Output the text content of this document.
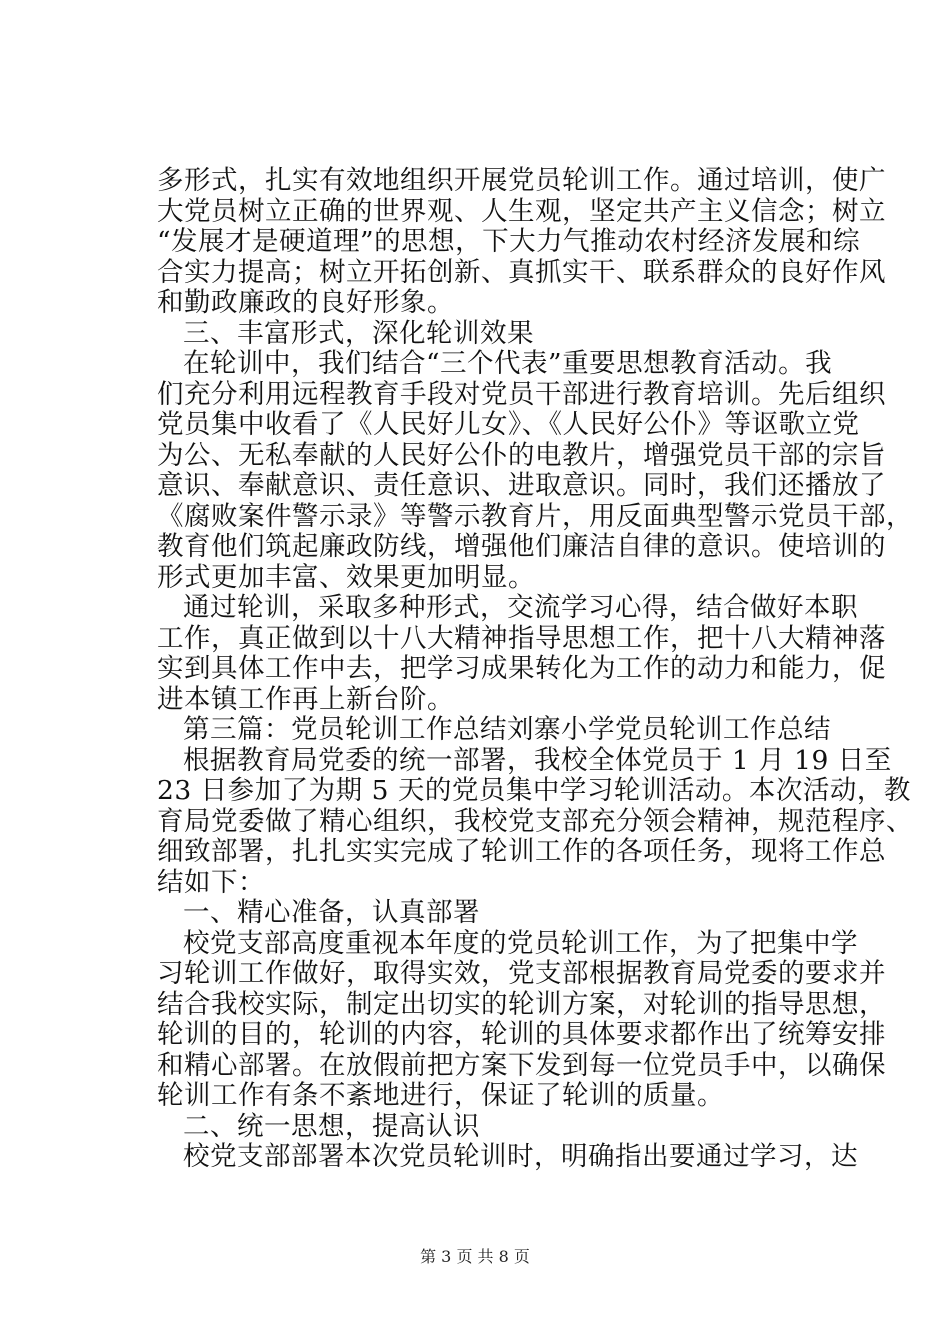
多形式，扎实有效地组织开展党员轮训工作。通过培训，使广
大党员树立正确的世界观、人生观，坚定共产主义信念；树立
“发展才是硬道理”的思想，下大力气推动农村经济发展和综
合实力提高；树立开拓创新、真抓实干、联系群众的良好作风
和勤政廉政的良好形象。
三、丰富形式，深化轮训效果
在轮训中，我们结合“三个代表”重要思想教育活动。我
们充分利用远程教育手段对党员干部进行教育培训。先后组织
党员集中收看了《人民好儿女》、《人民好公仆》等讴歌立党
为公、无私奉献的人民好公仆的电教片，增强党员干部的宗旨
意识、奉献意识、责任意识、进取意识。同时，我们还播放了
《腐败案件警示录》等警示教育片，用反面典型警示党员干部，
教育他们筑起廉政防线，增强他们廉洁自律的意识。使培训的
形式更加丰富、效果更加明显。
通过轮训，采取多种形式，交流学习心得，结合做好本职
工作，真正做到以十八大精神指导思想工作，把十八大精神落
实到具体工作中去，把学习成果转化为工作的动力和能力，促
进本镇工作再上新台阶。
第三篇：党员轮训工作总结刘寨小学党员轮训工作总结
根据教育局党委的统一部署，我校全体党员于 1 月 19 日至
23 日参加了为期 5 天的党员集中学习轮训活动。本次活动，教
育局党委做了精心组织，我校党支部充分领会精神，规范程序、
细致部署，扎扎实实完成了轮训工作的各项任务，现将工作总
结如下：
一、精心准备，认真部署
校党支部高度重视本年度的党员轮训工作，为了把集中学
习轮训工作做好，取得实效，党支部根据教育局党委的要求并
结合我校实际，制定出切实的轮训方案，对轮训的指导思想，
轮训的目的，轮训的内容，轮训的具体要求都作出了统筹安排
和精心部署。在放假前把方案下发到每一位党员手中，以确保
轮训工作有条不紊地进行，保证了轮训的质量。
二、统一思想，提高认识
校党支部部署本次党员轮训时，明确指出要通过学习，达
第 3 页 共 8 页
